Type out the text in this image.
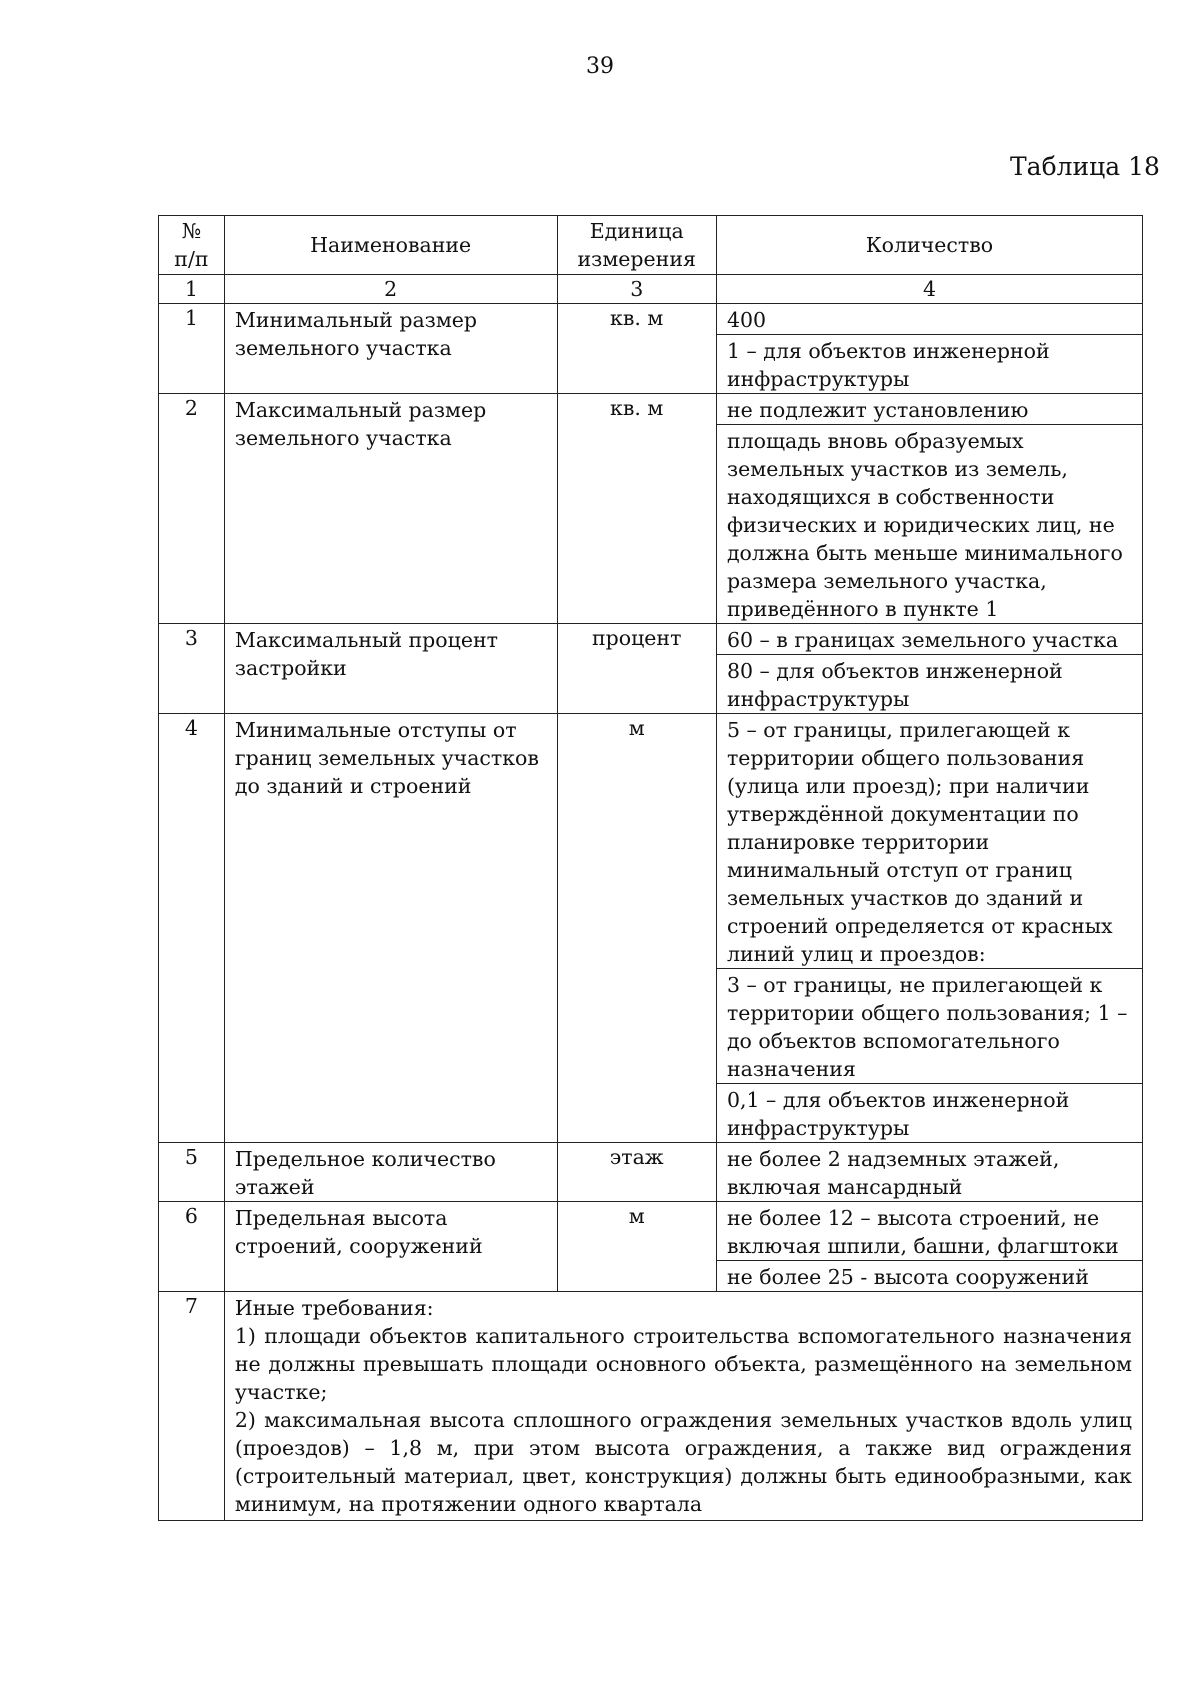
39
Таблица 18
№ п/п	Наименование	Единица измерения	Количество
1	2	3	4
1	Минимальный размер земельного участка	кв. м	400
1 – для объектов инженерной инфраструктуры

2	Максимальный размер земельного участка	кв. м	не подлежит установлению
площадь вновь образуемых земельных участков из земель, находящихся в собственности физических и юридических лиц, не должна быть меньше минимального размера земельного участка, приведённого в пункте 1

3	Максимальный процент застройки	процент	60 – в границах земельного участка
80 – для объектов инженерной инфраструктуры

4	Минимальные отступы от границ земельных участков до зданий и строений	м	5 – от границы, прилегающей к территории общего пользования (улица или проезд); при наличии утверждённой документации по планировке территории минимальный отступ от границ земельных участков до зданий и строений определяется от красных линий улиц и проездов:
3 – от границы, не прилегающей к территории общего пользования; 1 – до объектов вспомогательного назначения
0,1 – для объектов инженерной инфраструктуры

5	Предельное количество этажей	этаж	не более 2 надземных этажей, включая мансардный

6	Предельная высота строений, сооружений	м	не более 12 – высота строений, не включая шпили, башни, флагштоки
не более 25 - высота сооружений

7	Иные требования:
1) площади объектов капитального строительства вспомогательного назначения не должны превышать площади основного объекта, размещённого на земельном участке;
2) максимальная высота сплошного ограждения земельных участков вдоль улиц (проездов) – 1,8 м, при этом высота ограждения, а также вид ограждения (строительный материал, цвет, конструкция) должны быть единообразными, как минимум, на протяжении одного квартала		
